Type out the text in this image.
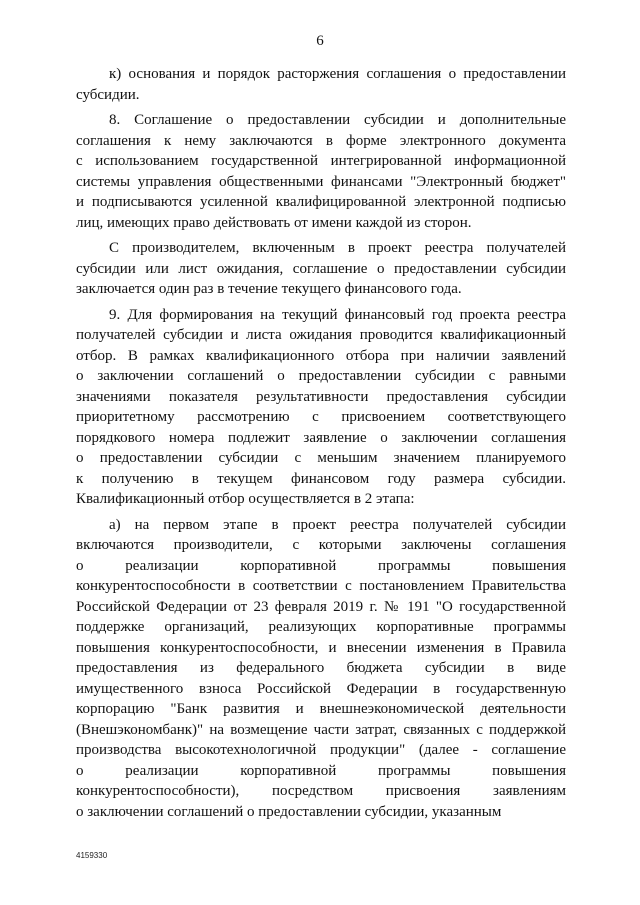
6

к) основания и порядок расторжения соглашения о предоставлении
субсидии.

8. Соглашение о предоставлении субсидии и дополнительные
соглашения к нему заключаются в форме электронного документа
с использованием государственной интегрированной информационной
системы управления общественными финансами "Электронный бюджет"
и подписываются усиленной квалифицированной электронной подписью
лиц, имеющих право действовать от имени каждой из сторон.

С производителем, включенным в проект реестра получателей
субсидии или лист ожидания, соглашение о предоставлении субсидии
заключается один раз в течение текущего финансового года.

9. Для формирования на текущий финансовый год проекта реестра
получателей субсидии и листа ожидания проводится квалификационный
отбор. В рамках квалификационного отбора при наличии заявлений
о заключении соглашений о предоставлении субсидии с равными
значениями показателя результативности предоставления субсидии
приоритетному рассмотрению с присвоением соответствующего
порядкового номера подлежит заявление о заключении соглашения
о предоставлении субсидии с меньшим значением планируемого
к получению в текущем финансовом году размера субсидии.
Квалификационный отбор осуществляется в 2 этапа:

а) на первом этапе в проект реестра получателей субсидии
включаются производители, с которыми заключены соглашения
о реализации корпоративной программы повышения
конкурентоспособности в соответствии с постановлением Правительства
Российской Федерации от 23 февраля 2019 г. № 191 "О государственной
поддержке организаций, реализующих корпоративные программы
повышения конкурентоспособности, и внесении изменения в Правила
предоставления из федерального бюджета субсидии в виде
имущественного взноса Российской Федерации в государственную
корпорацию "Банк развития и внешнеэкономической деятельности
(Внешэкономбанк)" на возмещение части затрат, связанных с поддержкой
производства высокотехнологичной продукции" (далее - соглашение
о реализации корпоративной программы повышения
конкурентоспособности), посредством присвоения заявлениям
о заключении соглашений о предоставлении субсидии, указанным

4159330
